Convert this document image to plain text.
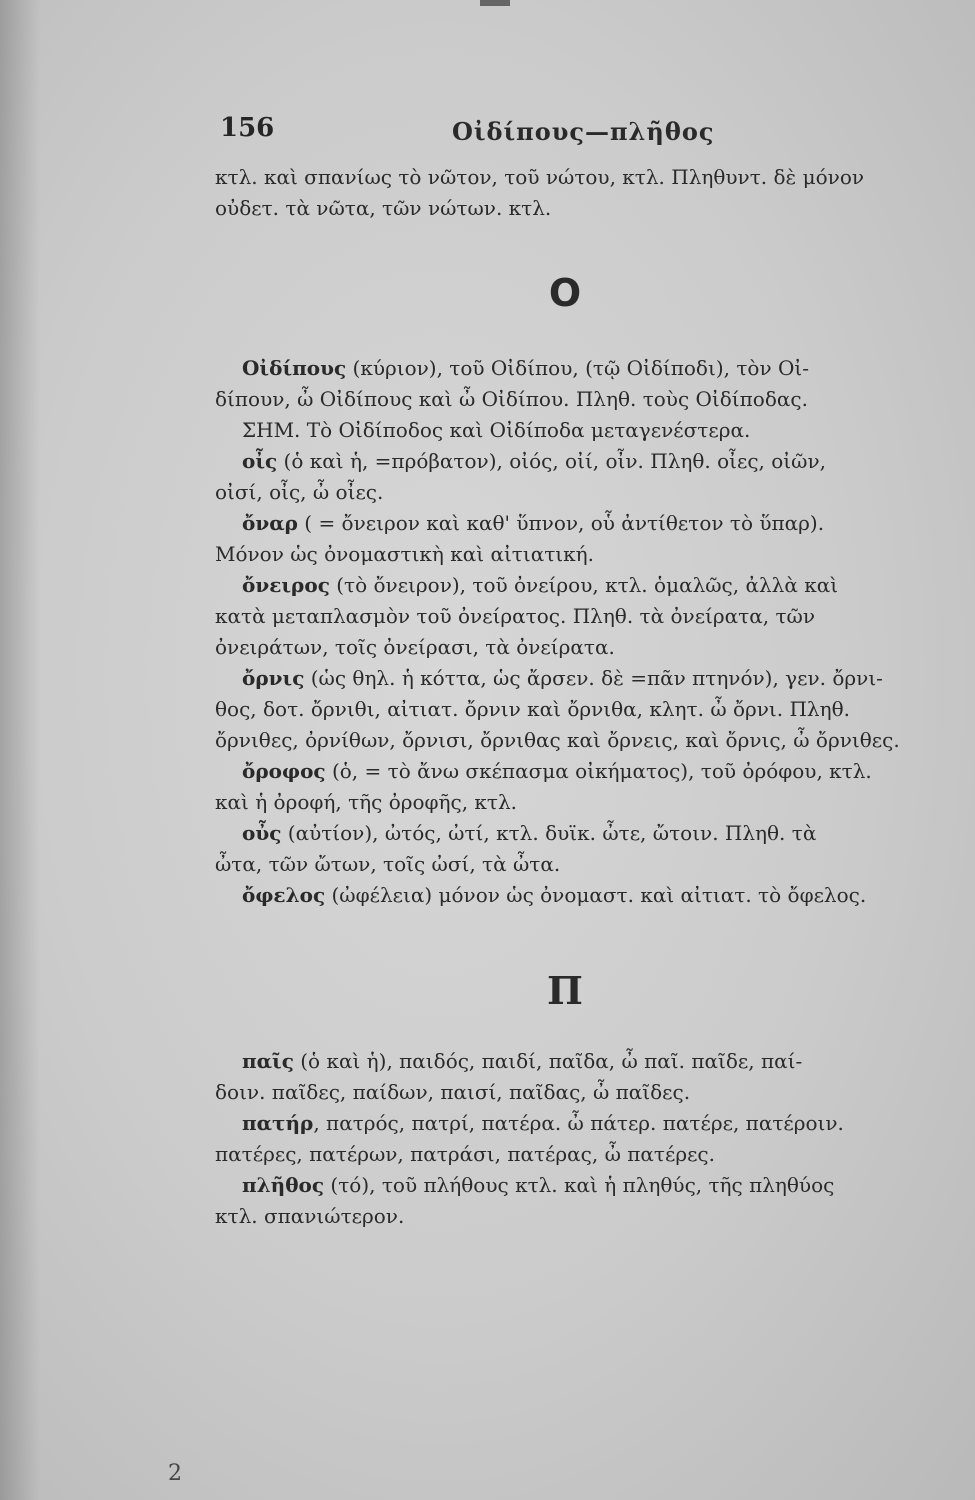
156	Οἰδίπους—πλῆθος
κτλ. καὶ σπανίως τὸ νῶτον, τοῦ νώτου, κτλ. Πληθυντ. δὲ μόνον
οὐδετ. τὰ νῶτα, τῶν νώτων. κτλ.
Ο
Οἰδίπους (κύριον), τοῦ Οἰδίπου, (τῷ Οἰδίποδι), τὸν Οἰ-
δίπουν, ὦ Οἰδίπους καὶ ὦ Οἰδίπου. Πληθ. τοὺς Οἰδίποδας.
ΣΗΜ. Τὸ Οἰδίποδος καὶ Οἰδίποδα μεταγενέστερα.
οἶς (ὁ καὶ ἡ, =πρόβατον), οἰός, οἰί, οἶν. Πληθ. οἶες, οἰῶν,
οἰσί, οἶς, ὦ οἶες.
ὄναρ ( = ὄνειρον καὶ καθ' ὕπνον, οὗ ἀντίθετον τὸ ὕπαρ).
Μόνον ὡς ὀνομαστικὴ καὶ αἰτιατική.
ὄνειρος (τὸ ὄνειρον), τοῦ ὀνείρου, κτλ. ὁμαλῶς, ἀλλὰ καὶ
κατὰ μεταπλασμὸν τοῦ ὀνείρατος. Πληθ. τὰ ὀνείρατα, τῶν
ὀνειράτων, τοῖς ὀνείρασι, τὰ ὀνείρατα.
ὄρνις (ὡς θηλ. ἡ κόττα, ὡς ἄρσεν. δὲ =πᾶν πτηνόν), γεν. ὄρνι-
θος, δοτ. ὄρνιθι, αἰτιατ. ὄρνιν καὶ ὄρνιθα, κλητ. ὦ ὄρνι. Πληθ.
ὄρνιθες, ὀρνίθων, ὄρνισι, ὄρνιθας καὶ ὄρνεις, καὶ ὄρνις, ὦ ὄρνιθες.
ὄροφος (ὁ, = τὸ ἄνω σκέπασμα οἰκήματος), τοῦ ὀρόφου, κτλ.
καὶ ἡ ὀροφή, τῆς ὀροφῆς, κτλ.
οὖς (αὐτίον), ὠτός, ὠτί, κτλ. δυϊκ. ὦτε, ὤτοιν. Πληθ. τὰ
ὦτα, τῶν ὤτων, τοῖς ὠσί, τὰ ὦτα.
ὄφελος (ὠφέλεια) μόνον ὡς ὀνομαστ. καὶ αἰτιατ. τὸ ὄφελος.
Π
παῖς (ὁ καὶ ἡ), παιδός, παιδί, παῖδα, ὦ παῖ. παῖδε, παί-
δοιν. παῖδες, παίδων, παισί, παῖδας, ὦ παῖδες.
πατήρ, πατρός, πατρί, πατέρα. ὦ πάτερ. πατέρε, πατέροιν.
πατέρες, πατέρων, πατράσι, πατέρας, ὦ πατέρες.
πλῆθος (τό), τοῦ πλήθους κτλ. καὶ ἡ πληθύς, τῆς πληθύος
κτλ. σπανιώτερον.
2
